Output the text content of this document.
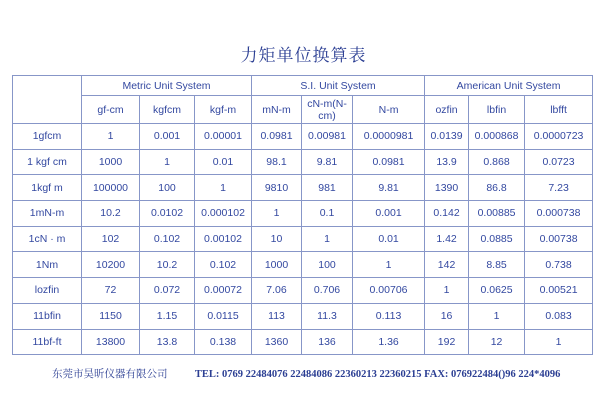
力矩单位换算表
	Metric Unit System			S.I. Unit System			American Unit System		
	gf-cm	kgfcm	kgf-m	mN-m	cN-m(N-cm)	N-m	ozfin	lbfin	lbfft
1gfcm	1	0.001	0.00001	0.0981	0.00981	0.0000981	0.0139	0.000868	0.0000723
1 kgf cm	1000	1	0.01	98.1	9.81	0.0981	13.9	0.868	0.0723
1kgf m	100000	100	1	9810	981	9.81	1390	86.8	7.23
1mN-m	10.2	0.0102	0.000102	1	0.1	0.001	0.142	0.00885	0.000738
1cN · m	102	0.102	0.00102	10	1	0.01	1.42	0.0885	0.00738
1Nm	10200	10.2	0.102	1000	100	1	142	8.85	0.738
lozfin	72	0.072	0.00072	7.06	0.706	0.00706	1	0.0625	0.00521
11bfin	1150	1.15	0.0115	113	11.3	0.113	16	1	0.083
11bf-ft	13800	13.8	0.138	1360	136	1.36	192	12	1
东莞市昊昕仪器有限公司	TEL: 0769 22484076 22484086 22360213 22360215 FAX: 076922484()96 224*4096
